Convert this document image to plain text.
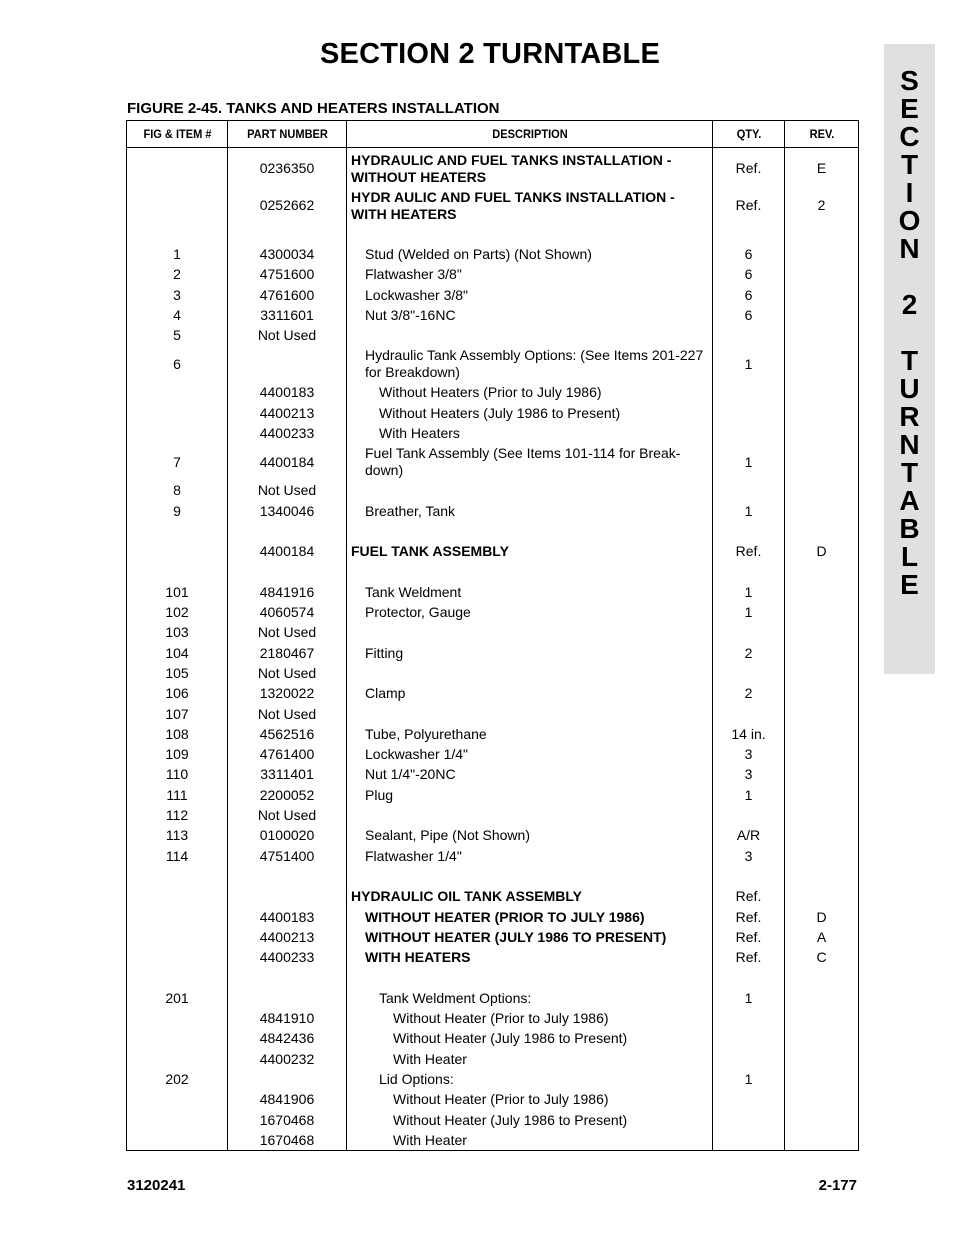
SECTION 2 TURNTABLE
FIGURE 2-45. TANKS AND HEATERS INSTALLATION
S
E
C
T
I
O
N
2
T
U
R
N
T
A
B
L
E
FIG & ITEM #	PART NUMBER	DESCRIPTION	QTY.	REV.
	0236350	HYDRAULIC AND FUEL TANKS INSTALLATION - WITHOUT HEATERS	Ref.	E
	0252662	HYDR AULIC AND FUEL TANKS INSTALLATION - WITH HEATERS	Ref.	2

1	4300034	Stud (Welded on Parts) (Not Shown)	6	
2	4751600	Flatwasher 3/8"	6	
3	4761600	Lockwasher 3/8"	6	
4	3311601	Nut 3/8"-16NC	6	
5	Not Used			
6		Hydraulic Tank Assembly Options: (See Items 201-227 for Breakdown)	1	
	4400183	Without Heaters (Prior to July 1986)		
	4400213	Without Heaters (July 1986 to Present)		
	4400233	With Heaters		
7	4400184	Fuel Tank Assembly (See Items 101-114 for Break-down)	1	
8	Not Used			
9	1340046	Breather, Tank	1	

	4400184	FUEL TANK ASSEMBLY	Ref.	D

101	4841916	Tank Weldment	1	
102	4060574	Protector, Gauge	1	
103	Not Used			
104	2180467	Fitting	2	
105	Not Used			
106	1320022	Clamp	2	
107	Not Used			
108	4562516	Tube, Polyurethane	14 in.	
109	4761400	Lockwasher 1/4"	3	
110	3311401	Nut 1/4"-20NC	3	
111	2200052	Plug	1	
112	Not Used			
113	0100020	Sealant, Pipe (Not Shown)	A/R	
114	4751400	Flatwasher 1/4"	3	

		HYDRAULIC OIL TANK ASSEMBLY	Ref.	
	4400183	WITHOUT HEATER (PRIOR TO JULY 1986)	Ref.	D
	4400213	WITHOUT HEATER (JULY 1986 TO PRESENT)	Ref.	A
	4400233	WITH HEATERS	Ref.	C

201		Tank Weldment Options:	1	
	4841910	Without Heater (Prior to July 1986)		
	4842436	Without Heater (July 1986 to Present)		
	4400232	With Heater		
202		Lid Options:	1	
	4841906	Without Heater (Prior to July 1986)		
	1670468	Without Heater (July 1986 to Present)		
	1670468	With Heater		
3120241	2-177
